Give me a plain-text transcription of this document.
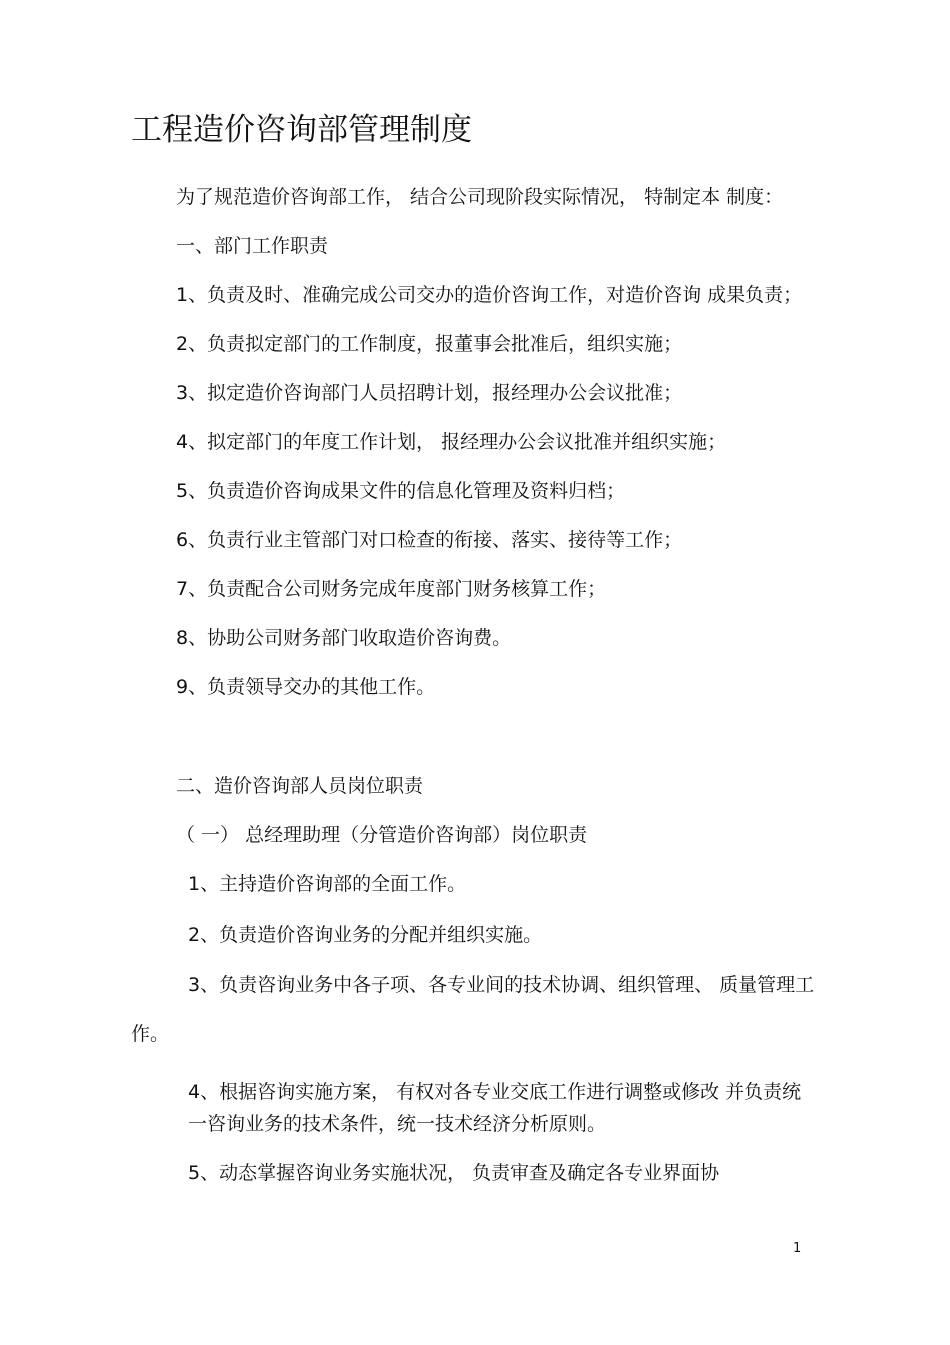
工程造价咨询部管理制度
为了规范造价咨询部工作， 结合公司现阶段实际情况， 特制定本 制度：
一、部门工作职责
1、负责及时、准确完成公司交办的造价咨询工作，对造价咨询 成果负责；
2、负责拟定部门的工作制度，报董事会批准后，组织实施；
3、拟定造价咨询部门人员招聘计划，报经理办公会议批准；
4、拟定部门的年度工作计划， 报经理办公会议批准并组织实施；
5、负责造价咨询成果文件的信息化管理及资料归档；
6、负责行业主管部门对口检查的衔接、落实、接待等工作；
7、负责配合公司财务完成年度部门财务核算工作；
8、协助公司财务部门收取造价咨询费。
9、负责领导交办的其他工作。
二、造价咨询部人员岗位职责
（ 一） 总经理助理（分管造价咨询部）岗位职责
1、主持造价咨询部的全面工作。
2、负责造价咨询业务的分配并组织实施。
3、负责咨询业务中各子项、各专业间的技术协调、组织管理、 质量管理工
作。
4、根据咨询实施方案， 有权对各专业交底工作进行调整或修改 并负责统
一咨询业务的技术条件，统一技术经济分析原则。
5、动态掌握咨询业务实施状况， 负责审查及确定各专业界面协
1
